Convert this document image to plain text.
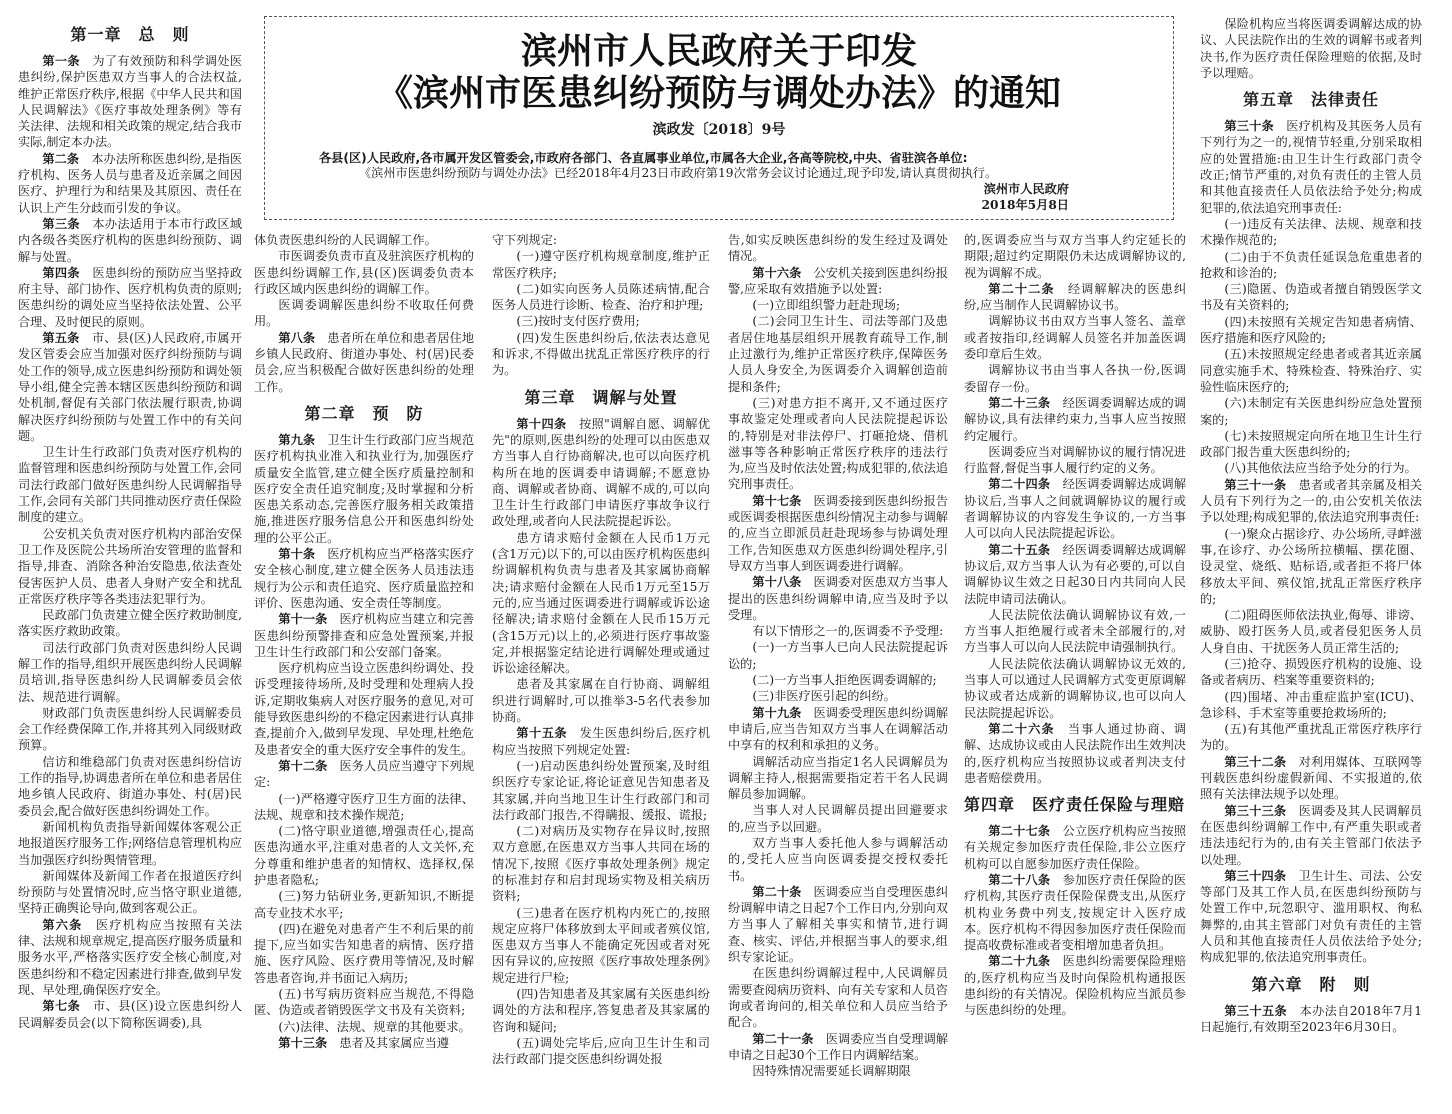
滨州市人民政府关于印发
《滨州市医患纠纷预防与调处办法》的通知
滨政发〔2018〕9号
各县(区)人民政府,各市属开发区管委会,市政府各部门、各直属事业单位,市属各大企业,各高等院校,中央、省驻滨各单位:
《滨州市医患纠纷预防与调处办法》已经2018年4月23日市政府第19次常务会议讨论通过,现予印发,请认真贯彻执行。
滨州市人民政府
2018年5月8日
第一章　总　则

第一条　 为了有效预防和科学调处医患纠纷,保护医患双方当事人的合法权益,维护正常医疗秩序,根据《中华人民共和国人民调解法》《医疗事故处理条例》等有关法律、法规和相关政策的规定,结合我市实际,制定本办法。

第二条　 本办法所称医患纠纷,是指医疗机构、医务人员与患者及近亲属之间因医疗、护理行为和结果及其原因、责任在认识上产生分歧而引发的争议。

第三条　 本办法适用于本市行政区域内各级各类医疗机构的医患纠纷预防、调解与处置。

第四条　 医患纠纷的预防应当坚持政府主导、部门协作、医疗机构负责的原则;医患纠纷的调处应当坚持依法处置、公平合理、及时便民的原则。

第五条　 市、县(区)人民政府,市属开发区管委会应当加强对医疗纠纷预防与调处工作的领导,成立医患纠纷预防和调处领导小组,健全完善本辖区医患纠纷预防和调处机制,督促有关部门依法履行职责,协调解决医疗纠纷预防与处置工作中的有关问题。

卫生计生行政部门负责对医疗机构的监督管理和医患纠纷预防与处置工作,会同司法行政部门做好医患纠纷人民调解指导工作,会同有关部门共同推动医疗责任保险制度的建立。

公安机关负责对医疗机构内部治安保卫工作及医院公共场所治安管理的监督和指导,排查、消除各种治安隐患,依法查处侵害医护人员、患者人身财产安全和扰乱正常医疗秩序等各类违法犯罪行为。

民政部门负责建立健全医疗救助制度,落实医疗救助政策。

司法行政部门负责对医患纠纷人民调解工作的指导,组织开展医患纠纷人民调解员培训,指导医患纠纷人民调解委员会依法、规范进行调解。

财政部门负责医患纠纷人民调解委员会工作经费保障工作,并将其列入同级财政预算。

信访和维稳部门负责对医患纠纷信访工作的指导,协调患者所在单位和患者居住地乡镇人民政府、街道办事处、村(居)民委员会,配合做好医患纠纷调处工作。

新闻机构负责指导新闻媒体客观公正地报道医疗服务工作;网络信息管理机构应当加强医疗纠纷舆情管理。

新闻媒体及新闻工作者在报道医疗纠纷预防与处置情况时,应当恪守职业道德,坚持正确舆论导向,做到客观公正。

第六条　 医疗机构应当按照有关法律、法规和规章规定,提高医疗服务质量和服务水平,严格落实医疗安全核心制度,对医患纠纷和不稳定因素进行排查,做到早发现、早处理,确保医疗安全。

第七条　 市、县(区)设立医患纠纷人民调解委员会(以下简称医调委),具

体负责医患纠纷的人民调解工作。

市医调委负责市直及驻滨医疗机构的医患纠纷调解工作,县(区)医调委负责本行政区域内医患纠纷的调解工作。

医调委调解医患纠纷不收取任何费用。

第八条　 患者所在单位和患者居住地乡镇人民政府、街道办事处、村(居)民委员会,应当积极配合做好医患纠纷的处理工作。

第二章　预　防

第九条　 卫生计生行政部门应当规范医疗机构执业准入和执业行为,加强医疗质量安全监管,建立健全医疗质量控制和医疗安全责任追究制度;及时掌握和分析医患关系动态,完善医疗服务相关政策措施,推进医疗服务信息公开和医患纠纷处理的公平公正。

第十条　 医疗机构应当严格落实医疗安全核心制度,建立健全医务人员违法违规行为公示和责任追究、医疗质量监控和评价、医患沟通、安全责任等制度。

第十一条　 医疗机构应当建立和完善医患纠纷预警排查和应急处置预案,并报卫生计生行政部门和公安部门备案。

医疗机构应当设立医患纠纷调处、投诉受理接待场所,及时受理和处理病人投诉,定期收集病人对医疗服务的意见,对可能导致医患纠纷的不稳定因素进行认真排查,提前介入,做到早发现、早处理,杜绝危及患者安全的重大医疗安全事件的发生。

第十二条　 医务人员应当遵守下列规定:

(一)严格遵守医疗卫生方面的法律、法规、规章和技术操作规范;

(二)恪守职业道德,增强责任心,提高医患沟通水平,注重对患者的人文关怀,充分尊重和维护患者的知情权、选择权,保护患者隐私;

(三)努力钻研业务,更新知识,不断提高专业技术水平;

(四)在避免对患者产生不利后果的前提下,应当如实告知患者的病情、医疗措施、医疗风险、医疗费用等情况,及时解答患者咨询,并书面记入病历;

(五)书写病历资料应当规范,不得隐匿、伪造或者销毁医学文书及有关资料;

(六)法律、法规、规章的其他要求。

第十三条　 患者及其家属应当遵

守下列规定:

(一)遵守医疗机构规章制度,维护正常医疗秩序;

(二)如实向医务人员陈述病情,配合医务人员进行诊断、检查、治疗和护理;

(三)按时支付医疗费用;

(四)发生医患纠纷后,依法表达意见和诉求,不得做出扰乱正常医疗秩序的行为。

第三章　调解与处置

第十四条　 按照"调解自愿、调解优先"的原则,医患纠纷的处理可以由医患双方当事人自行协商解决,也可以向医疗机构所在地的医调委申请调解;不愿意协商、调解或者协商、调解不成的,可以向卫生计生行政部门申请医疗事故争议行政处理,或者向人民法院提起诉讼。

患方请求赔付金额在人民币1万元(含1万元)以下的,可以由医疗机构医患纠纷调解机构负责与患者及其家属协商解决;请求赔付金额在人民币1万元至15万元的,应当通过医调委进行调解或诉讼途径解决;请求赔付金额在人民币15万元(含15万元)以上的,必须进行医疗事故鉴定,并根据鉴定结论进行调解处理或通过诉讼途径解决。

患者及其家属在自行协商、调解组织进行调解时,可以推举3-5名代表参加协商。

第十五条　 发生医患纠纷后,医疗机构应当按照下列规定处置:

(一)启动医患纠纷处置预案,及时组织医疗专家论证,将论证意见告知患者及其家属,并向当地卫生计生行政部门和司法行政部门报告,不得瞒报、缓报、谎报;

(二)对病历及实物存在异议时,按照双方意愿,在医患双方当事人共同在场的情况下,按照《医疗事故处理条例》规定的标准封存和启封现场实物及相关病历资料;

(三)患者在医疗机构内死亡的,按照规定应将尸体移放到太平间或者殡仪馆,医患双方当事人不能确定死因或者对死因有异议的,应按照《医疗事故处理条例》规定进行尸检;

(四)告知患者及其家属有关医患纠纷调处的方法和程序,答复患者及其家属的咨询和疑问;

(五)调处完毕后,应向卫生计生和司法行政部门提交医患纠纷调处报

告,如实反映医患纠纷的发生经过及调处情况。

第十六条　 公安机关接到医患纠纷报警,应采取有效措施予以处置:

(一)立即组织警力赶赴现场;

(二)会同卫生计生、司法等部门及患者居住地基层组织开展教育疏导工作,制止过激行为,维护正常医疗秩序,保障医务人员人身安全,为医调委介入调解创造前提和条件;

(三)对患方拒不离开,又不通过医疗事故鉴定处理或者向人民法院提起诉讼的,特别是对非法停尸、打砸抢烧、借机滋事等各种影响正常医疗秩序的违法行为,应当及时依法处置;构成犯罪的,依法追究刑事责任。

第十七条　 医调委接到医患纠纷报告或医调委根据医患纠纷情况主动参与调解的,应当立即派员赶赴现场参与协调处理工作,告知医患双方医患纠纷调处程序,引导双方当事人到医调委进行调解。

第十八条　 医调委对医患双方当事人提出的医患纠纷调解申请,应当及时予以受理。

有以下情形之一的,医调委不予受理:

(一)一方当事人已向人民法院提起诉讼的;

(二)一方当事人拒绝医调委调解的;

(三)非医疗医引起的纠纷。

第十九条　 医调委受理医患纠纷调解申请后,应当告知双方当事人在调解活动中享有的权利和承担的义务。

调解活动应当指定1名人民调解员为调解主持人,根据需要指定若干名人民调解员参加调解。

当事人对人民调解员提出回避要求的,应当予以回避。

双方当事人委托他人参与调解活动的,受托人应当向医调委提交授权委托书。

第二十条　 医调委应当自受理医患纠纷调解申请之日起7个工作日内,分别向双方当事人了解相关事实和情节,进行调查、核实、评估,并根据当事人的要求,组织专家论证。

在医患纠纷调解过程中,人民调解员需要查阅病历资料、向有关专家和人员咨询或者询问的,相关单位和人员应当给予配合。

第二十一条　 医调委应当自受理调解申请之日起30个工作日内调解结案。

因特殊情况需要延长调解期限

的,医调委应当与双方当事人约定延长的期限;超过约定期限仍未达成调解协议的,视为调解不成。

第二十二条　 经调解解决的医患纠纷,应当制作人民调解协议书。

调解协议书由双方当事人签名、盖章或者按指印,经调解人员签名并加盖医调委印章后生效。

调解协议书由当事人各执一份,医调委留存一份。

第二十三条　 经医调委调解达成的调解协议,具有法律约束力,当事人应当按照约定履行。

医调委应当对调解协议的履行情况进行监督,督促当事人履行约定的义务。

第二十四条　 经医调委调解达成调解协议后,当事人之间就调解协议的履行或者调解协议的内容发生争议的,一方当事人可以向人民法院提起诉讼。

第二十五条　 经医调委调解达成调解协议后,双方当事人认为有必要的,可以自调解协议生效之日起30日内共同向人民法院申请司法确认。

人民法院依法确认调解协议有效,一方当事人拒绝履行或者未全部履行的,对方当事人可以向人民法院申请强制执行。

人民法院依法确认调解协议无效的,当事人可以通过人民调解方式变更原调解协议或者达成新的调解协议,也可以向人民法院提起诉讼。

第二十六条　 当事人通过协商、调解、达成协议或由人民法院作出生效判决的,医疗机构应当按照协议或者判决支付患者赔偿费用。

第四章　医疗责任保险与理赔

第二十七条　 公立医疗机构应当按照有关规定参加医疗责任保险,非公立医疗机构可以自愿参加医疗责任保险。

第二十八条　 参加医疗责任保险的医疗机构,其医疗责任保险保费支出,从医疗机构业务费中列支,按规定计入医疗成本。医疗机构不得因参加医疗责任保险而提高收费标准或者变相增加患者负担。

第二十九条　 医患纠纷需要保险理赔的,医疗机构应当及时向保险机构通报医患纠纷的有关情况。保险机构应当派员参与医患纠纷的处理。

保险机构应当将医调委调解达成的协议、人民法院作出的生效的调解书或者判决书,作为医疗责任保险理赔的依据,及时予以理赔。

第五章　法律责任

第三十条　 医疗机构及其医务人员有下列行为之一的,视情节轻重,分别采取相应的处置措施:由卫生计生行政部门责令改正;情节严重的,对负有责任的主管人员和其他直接责任人员依法给予处分;构成犯罪的,依法追究刑事责任:

(一)违反有关法律、法规、规章和技术操作规范的;

(二)由于不负责任延误急危重患者的抢救和诊治的;

(三)隐匿、伪造或者擅自销毁医学文书及有关资料的;

(四)未按照有关规定告知患者病情、医疗措施和医疗风险的;

(五)未按照规定经患者或者其近亲属同意实施手术、特殊检查、特殊治疗、实验性临床医疗的;

(六)未制定有关医患纠纷应急处置预案的;

(七)未按照规定向所在地卫生计生行政部门报告重大医患纠纷的;

(八)其他依法应当给予处分的行为。

第三十一条　 患者或者其亲属及相关人员有下列行为之一的,由公安机关依法予以处理;构成犯罪的,依法追究刑事责任:

(一)聚众占据诊疗、办公场所,寻衅滋事,在诊疗、办公场所拉横幅、摆花圈、设灵堂、烧纸、贴标语,或者拒不将尸体移放太平间、殡仪馆,扰乱正常医疗秩序的;

(二)阻碍医师依法执业,侮辱、诽谤、威胁、殴打医务人员,或者侵犯医务人员人身自由、干扰医务人员正常生活的;

(三)抢夺、损毁医疗机构的设施、设备或者病历、档案等重要资料的;

(四)围堵、冲击重症监护室(ICU)、急诊科、手术室等重要抢救场所的;

(五)有其他严重扰乱正常医疗秩序行为的。

第三十二条　 对利用媒体、互联网等刊载医患纠纷虚假新闻、不实报道的,依照有关法律法规予以处理。

第三十三条　 医调委及其人民调解员在医患纠纷调解工作中,有严重失职或者违法违纪行为的,由有关主管部门依法予以处理。

第三十四条　 卫生计生、司法、公安等部门及其工作人员,在医患纠纷预防与处置工作中,玩忽职守、滥用职权、徇私舞弊的,由其主管部门对负有责任的主管人员和其他直接责任人员依法给予处分;构成犯罪的,依法追究刑事责任。

第六章　附　则

第三十五条　 本办法自2018年7月1日起施行,有效期至2023年6月30日。
